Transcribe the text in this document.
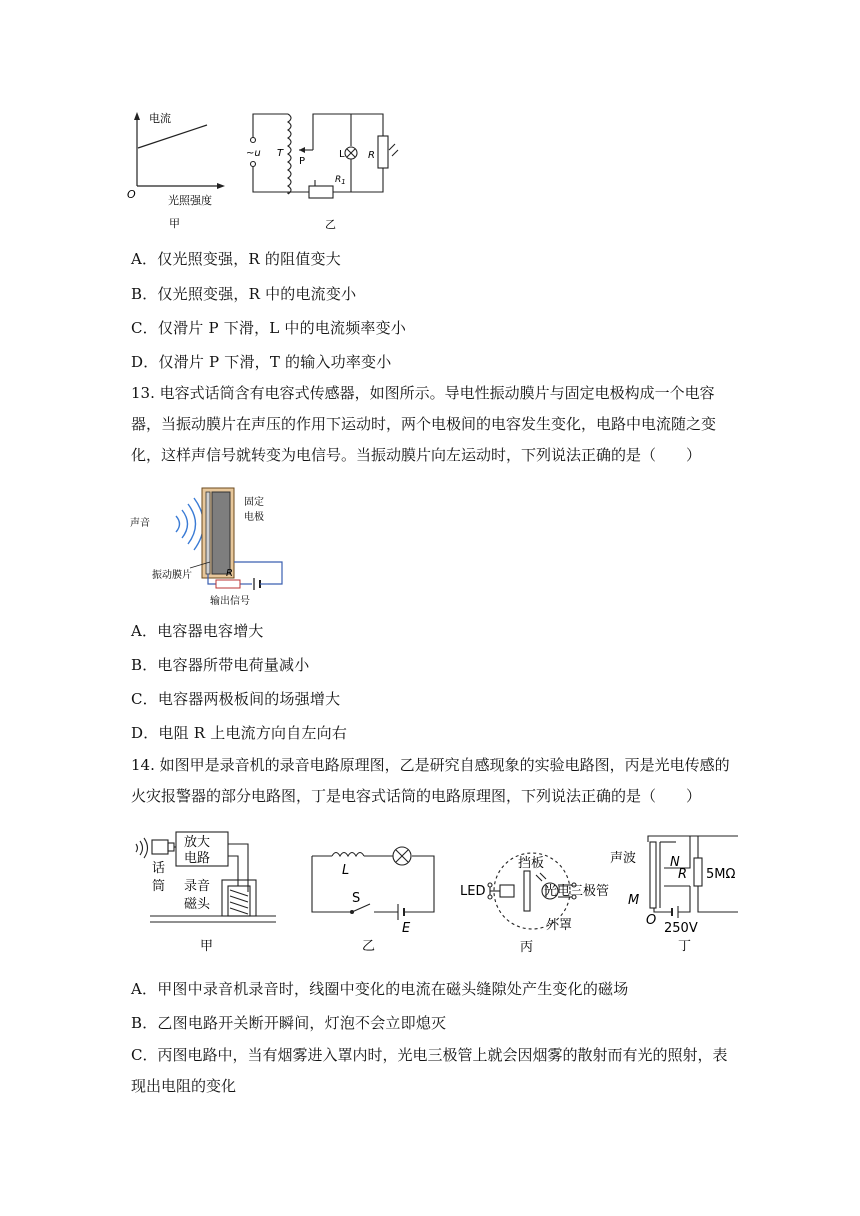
电流
O	光照强度
甲
~u T
P
L R
$R_1$
乙
A．仅光照变强，R 的阻值变大
B．仅光照变强，R 中的电流变小
C．仅滑片 P 下滑，L 中的电流频率变小
D．仅滑片 P 下滑，T 的输入功率变小
13. 电容式话筒含有电容式传感器，如图所示。导电性振动膜片与固定电极构成一个电容器，当振动膜片在声压的作用下运动时，两个电极间的电容发生变化，电路中电流随之变化，这样声信号就转变为电信号。当振动膜片向左运动时，下列说法正确的是（　　）
声音
固定
电极
振动膜片	R
输出信号
A．电容器电容增大
B．电容器所带电荷量减小
C．电容器两极板间的场强增大
D．电阻 R 上电流方向自左向右
14. 如图甲是录音机的录音电路原理图，乙是研究自感现象的实验电路图，丙是光电传感的火灾报警器的部分电路图，丁是电容式话筒的电路原理图，下列说法正确的是（　　）
放大
电路
话
筒 录音
磁头
甲
L
S
E
乙
LED
挡板
光电三极管
外罩
丙
声波	N
R
M
O
5MΩ
250V
丁
A．甲图中录音机录音时，线圈中变化的电流在磁头缝隙处产生变化的磁场
B．乙图电路开关断开瞬间，灯泡不会立即熄灭
C．丙图电路中，当有烟雾进入罩内时，光电三极管上就会因烟雾的散射而有光的照射，表现出电阻的变化
